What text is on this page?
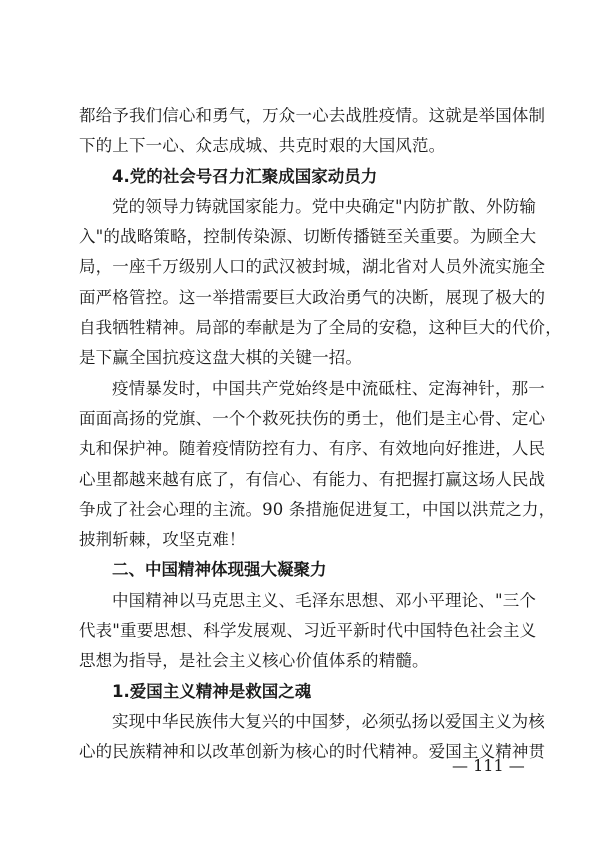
都给予我们信心和勇气，万众一心去战胜疫情。这就是举国体制
下的上下一心、众志成城、共克时艰的大国风范。
4.党的社会号召力汇聚成国家动员力
党的领导力铸就国家能力。党中央确定"内防扩散、外防输
入"的战略策略，控制传染源、切断传播链至关重要。为顾全大
局，一座千万级别人口的武汉被封城，湖北省对人员外流实施全
面严格管控。这一举措需要巨大政治勇气的决断，展现了极大的
自我牺牲精神。局部的奉献是为了全局的安稳，这种巨大的代价，
是下赢全国抗疫这盘大棋的关键一招。
疫情暴发时，中国共产党始终是中流砥柱、定海神针，那一
面面高扬的党旗、一个个救死扶伤的勇士，他们是主心骨、定心
丸和保护神。随着疫情防控有力、有序、有效地向好推进，人民
心里都越来越有底了，有信心、有能力、有把握打赢这场人民战
争成了社会心理的主流。90 条措施促进复工，中国以洪荒之力，
披荆斩棘，攻坚克难！
二、中国精神体现强大凝聚力
中国精神以马克思主义、毛泽东思想、邓小平理论、"三个
代表"重要思想、科学发展观、习近平新时代中国特色社会主义
思想为指导，是社会主义核心价值体系的精髓。
1.爱国主义精神是救国之魂
实现中华民族伟大复兴的中国梦，必须弘扬以爱国主义为核
心的民族精神和以改革创新为核心的时代精神。爱国主义精神贯
— 111 —
